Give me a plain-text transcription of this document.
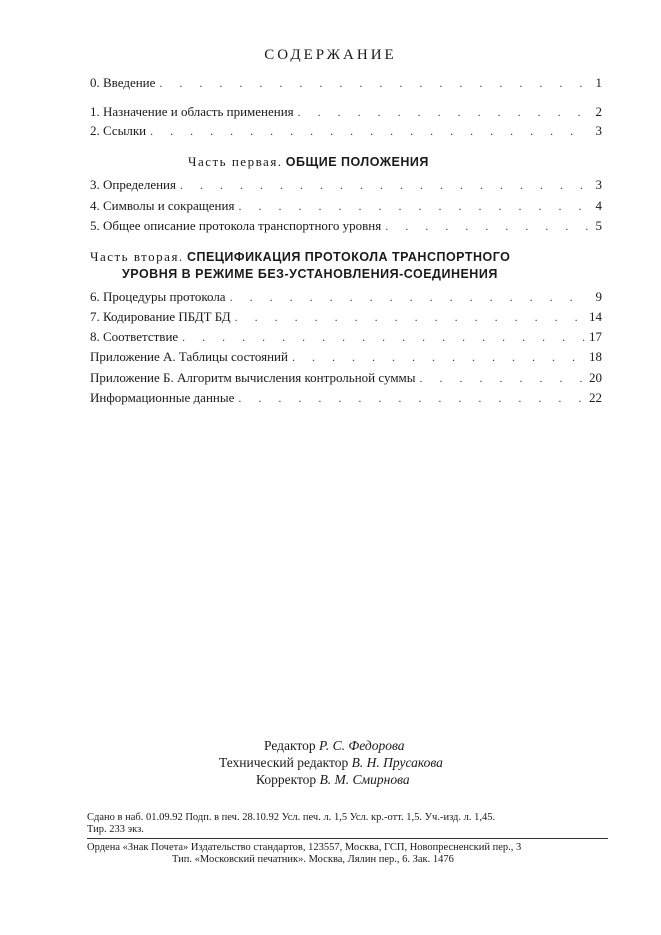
СОДЕРЖАНИЕ
0. Введение . . .	1
1. Назначение и область применения . . .	2
2. Ссылки . . .	3
Часть первая. ОБЩИЕ ПОЛОЖЕНИЯ
3. Определения . . .	3
4. Символы и сокращения . . .	4
5. Общее описание протокола транспортного уровня . . .	5
Часть вторая. СПЕЦИФИКАЦИЯ ПРОТОКОЛА ТРАНСПОРТНОГО
УРОВНЯ В РЕЖИМЕ БЕЗ-УСТАНОВЛЕНИЯ-СОЕДИНЕНИЯ
6. Процедуры протокола . . .	9
7. Кодирование ПБДТ БД . . .	14
8. Соответствие . . .	17
Приложение А. Таблицы состояний . . .	18
Приложение Б. Алгоритм вычисления контрольной суммы . . .	20
Информационные данные . . .	22
Редактор Р. С. Федорова
Технический редактор В. Н. Прусакова
Корректор В. М. Смирнова
Сдано в наб. 01.09.92 Подп. в печ. 28.10.92 Усл. печ. л. 1,5 Усл. кр.-отт. 1,5. Уч.-изд. л. 1,45.
Тир. 233 экз.
Ордена «Знак Почета» Издательство стандартов, 123557, Москва, ГСП, Новопресненский пер., 3
Тип. «Московский печатник». Москва, Лялин пер., 6. Зак. 1476
